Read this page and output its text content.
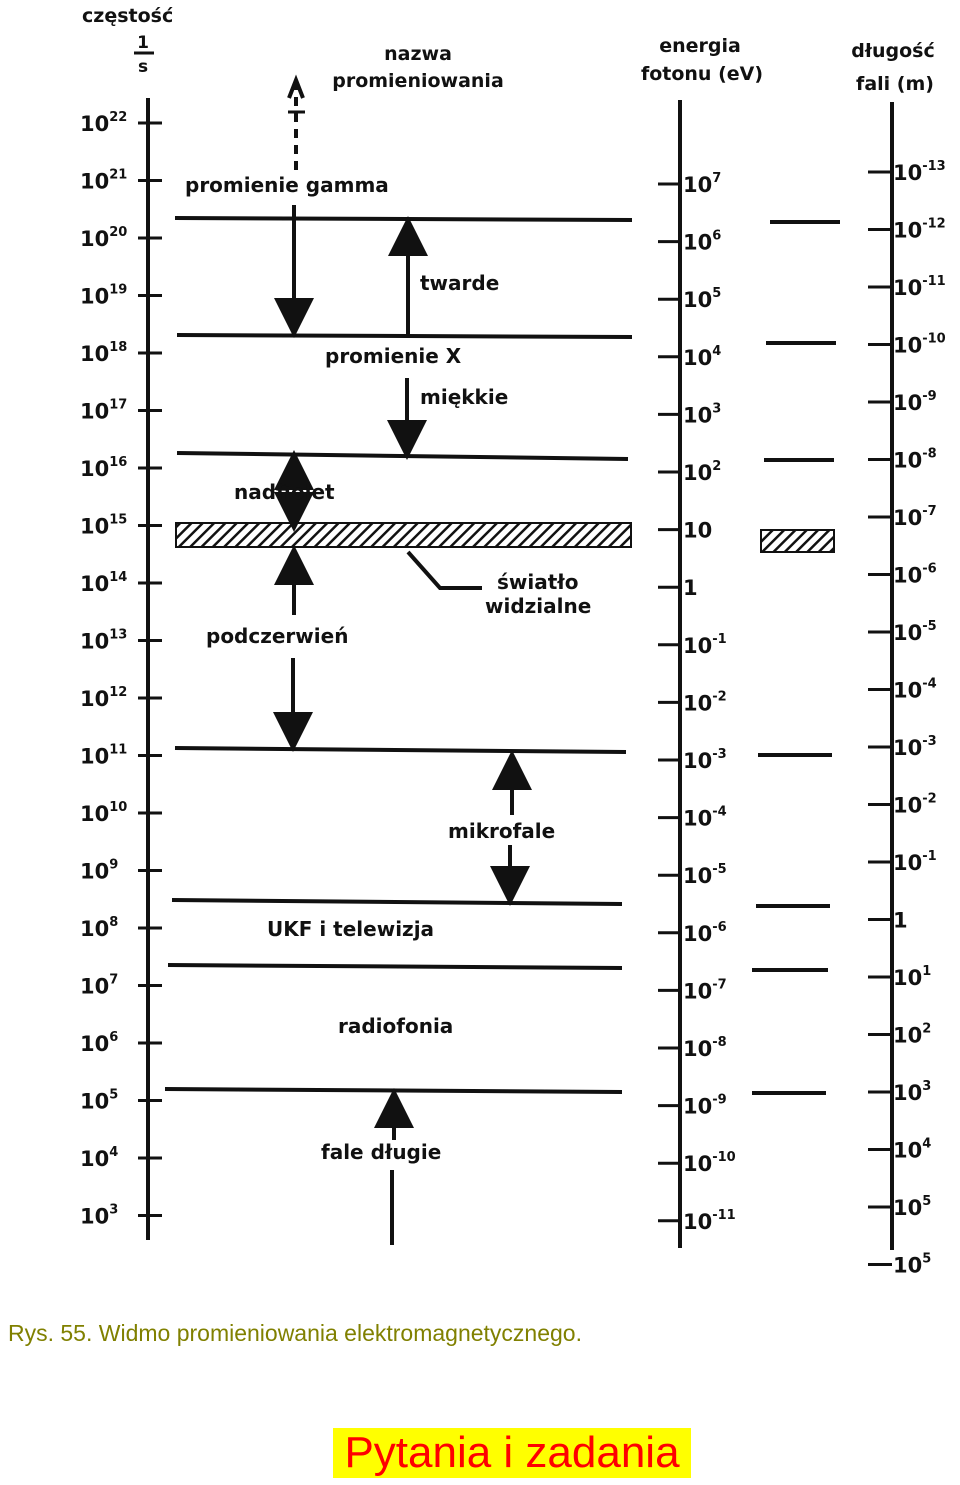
częstość
1
s
nazwa
promieniowania
energia
fotonu (eV)
długość
fali (m)
$10^{22}$
$10^{21}$
$10^{20}$
$10^{19}$
$10^{18}$
$10^{17}$
$10^{16}$
$10^{15}$
$10^{14}$
$10^{13}$
$10^{12}$
$10^{11}$
$10^{10}$
$10^9$
$10^8$
$10^7$
$10^6$
$10^5$
$10^4$
$10^3$
$10^7$
$10^6$
$10^5$
$10^4$
$10^3$
$10^2$
10
1
$10^{-1}$
$10^{-2}$
$10^{-3}$
$10^{-4}$
$10^{-5}$
$10^{-6}$
$10^{-7}$
$10^{-8}$
$10^{-9}$
$10^{-10}$
$10^{-11}$
$10^{-13}$
$10^{-12}$
$10^{-11}$
$10^{-10}$
$10^{-9}$
$10^{-8}$
$10^{-7}$
$10^{-6}$
$10^{-5}$
$10^{-4}$
$10^{-3}$
$10^{-2}$
$10^{-1}$
1
$10^1$
$10^2$
$10^3$
$10^4$
$10^5$
$10^5$
promienie gamma
twarde
promienie X
miękkie
nadfiolet
światło
widzialne
podczerwień
mikrofale
UKF i telewizja
radiofonia
fale długie
Rys. 55. Widmo promieniowania elektromagnetycznego.
Pytania i zadania
